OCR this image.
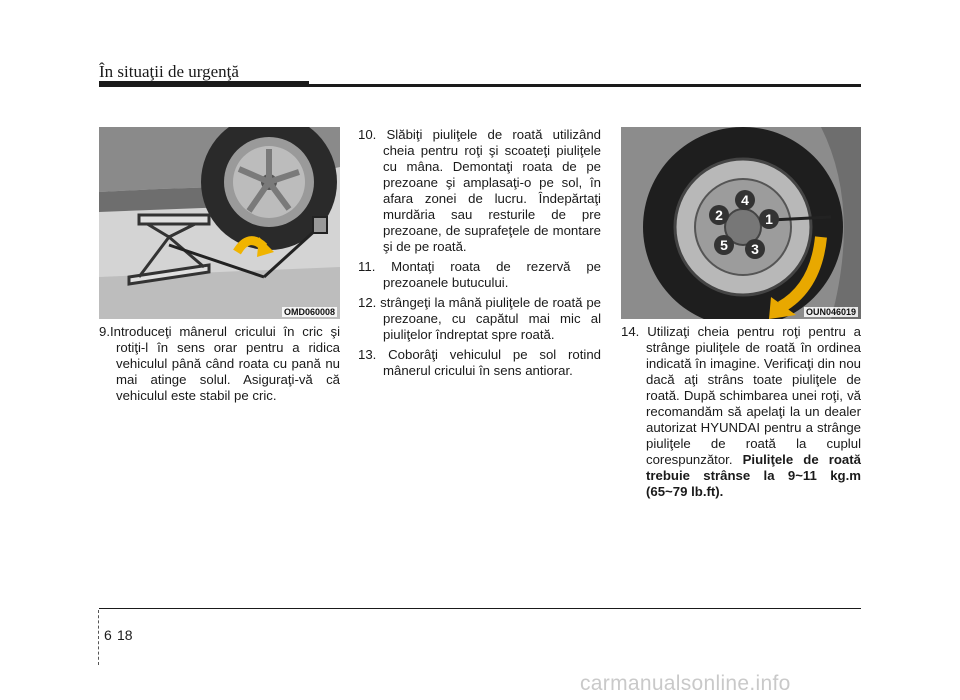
În situaţii de urgenţă
OMD060008
1
2
3
4
5
OUN046019

9.Introduceţi mânerul cricului în cric şi rotiţi-l în sens orar pentru a ridica vehiculul până când roata cu pană nu mai atinge solul. Asiguraţi-vă că vehiculul este stabil pe cric.

10. Slăbiţi piuliţele de roată utilizând cheia pentru roţi şi scoateţi piuliţele cu mâna. Demontaţi roata de pe prezoane şi amplasaţi-o pe sol, în afara zonei de lucru. Îndepărtaţi murdăria sau resturile de pre prezoane, de suprafeţele de montare şi de pe roată.

11. Montaţi roata de rezervă pe prezoanele butucului.

12. strângeţi la mână piuliţele de roată pe prezoane, cu capătul mai mic al piuliţelor îndreptat spre roată.

13. Coborâţi vehiculul pe sol rotind mânerul cricului în sens antiorar.

14. Utilizaţi cheia pentru roţi pentru a strânge piuliţele de roată în ordinea indicată în imagine. Verificaţi din nou dacă aţi strâns toate piuliţele de roată. După schimbarea unei roţi, vă recomandăm să apelaţi la un dealer autorizat HYUNDAI pentru a strânge piuliţele de roată la cuplul corespunzător. Piuliţele de roată trebuie strânse la 9~11 kg.m (65~79 lb.ft).

6 18
carmanualsonline.info
